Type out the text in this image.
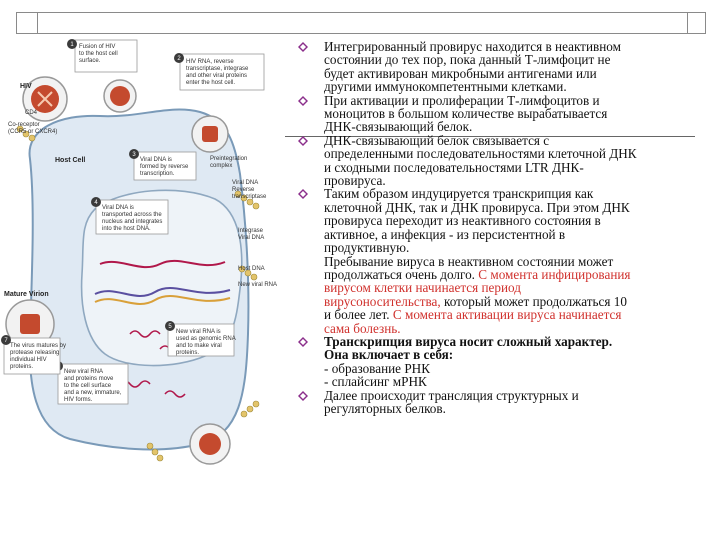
1 Fusion of HIV
to the host cell
surface.	2 HIV RNA, reverse
transcriptase, integrase
and other viral proteins
enter the host cell.
3
Viral DNA is
formed by reverse
transcription.
4
Viral DNA is
transported across the
nucleus and integrates
into the host DNA.
5
New viral RNA is
used as genomic RNA
and to make viral
proteins.
New viral RNA
and proteins move
to the cell surface
and a new, immature,
HIV forms.
7
The virus matures by
protease releasing
individual HIV
proteins.
HIV
CD4
Co-receptor
(CCR5 or CXCR4)
Host Cell
Mature Virion
Preintegration
complex
Viral DNA
Reverse
transcriptase
Integrase
Viral DNA
Host DNA
New viral RNA
Интегрированный провирус находится в неактивном
состоянии до тех пор, пока данный Т-лимфоцит не
будет активирован микробными антигенами или
другими иммунокомпетентными клетками.
При активации и пролиферации Т-лимфоцитов и
моноцитов в большом количестве вырабатывается
ДНК-связывающий белок.
ДНК-связывающий белок связывается с
определенными последовательностями клеточной ДНК
и сходными последовательностями LTR ДНК-
провируса.
Таким образом индуцируется транскрипция как
клеточной ДНК, так и ДНК провируса. При этом ДНК
провируса переходит из неактивного состояния в
активное, а инфекция - из персистентной в
продуктивную.
Пребывание вируса в неактивном состоянии может
продолжаться очень долго. С момента инфицирования
вирусом клетки начинается период
вирусоносительства, который может продолжаться 10
и более лет. С момента активации вируса начинается
сама болезнь.
Транскрипция вируса носит сложный характер.
Она включает в себя:
- образование РНК
- сплайсинг мРНК
Далее происходит трансляция структурных и
регуляторных белков.
